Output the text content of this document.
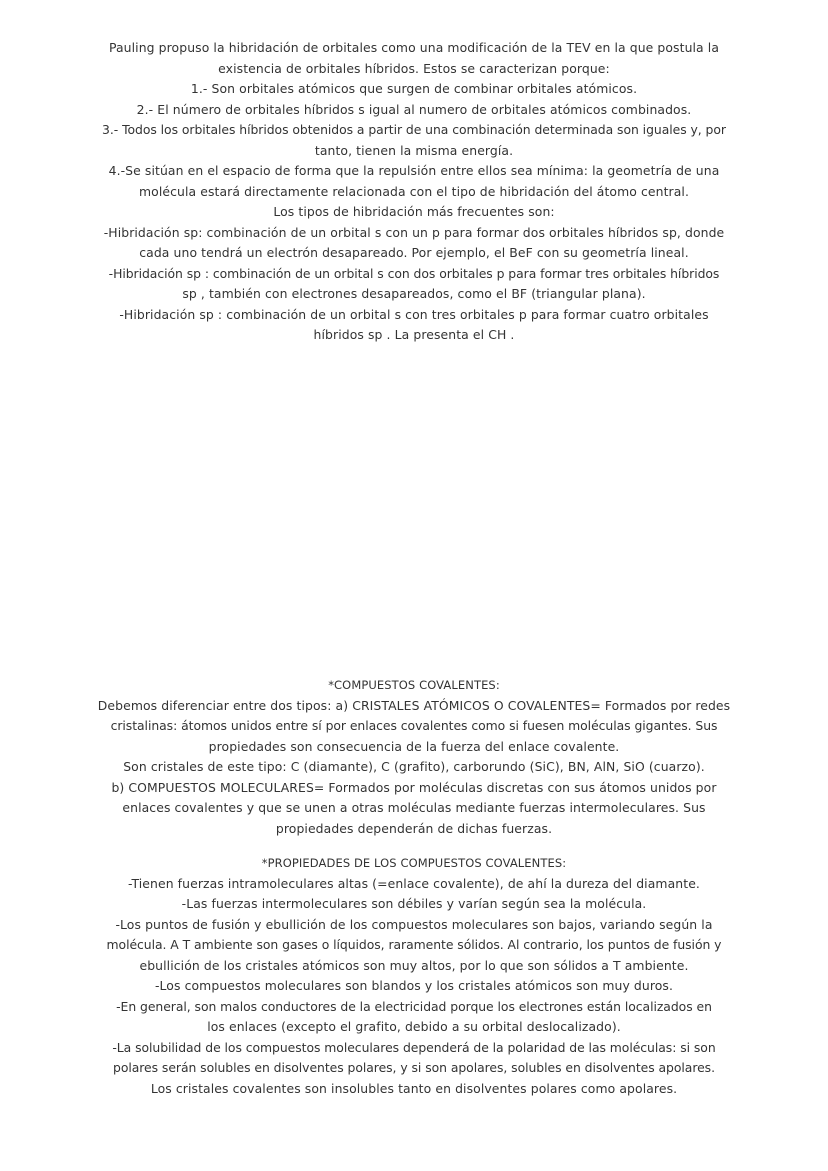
Pauling propuso la hibridación de orbitales como una modificación de la TEV en la que postula la
existencia de orbitales híbridos. Estos se caracterizan porque:
1.- Son orbitales atómicos que surgen de combinar orbitales atómicos.
2.- El número de orbitales híbridos s igual al numero de orbitales atómicos combinados.
3.- Todos los orbitales híbridos obtenidos a partir de una combinación determinada son iguales y, por
tanto, tienen la misma energía.
4.-Se sitúan en el espacio de forma que la repulsión entre ellos sea mínima: la geometría de una
molécula estará directamente relacionada con el tipo de hibridación del átomo central.
Los tipos de hibridación más frecuentes son:
-Hibridación sp: combinación de un orbital s con un p para formar dos orbitales híbridos sp, donde
cada uno tendrá un electrón desapareado. Por ejemplo, el BeF con su geometría lineal.
-Hibridación sp : combinación de un orbital s con dos orbitales p para formar tres orbitales híbridos
sp , también con electrones desapareados, como el BF (triangular plana).
-Hibridación sp : combinación de un orbital s con tres orbitales p para formar cuatro orbitales
híbridos sp . La presenta el CH .
*COMPUESTOS COVALENTES:
Debemos diferenciar entre dos tipos: a) CRISTALES ATÓMICOS O COVALENTES= Formados por redes
cristalinas: átomos unidos entre sí por enlaces covalentes como si fuesen moléculas gigantes. Sus
propiedades son consecuencia de la fuerza del enlace covalente.
Son cristales de este tipo: C (diamante), C (grafito), carborundo (SiC), BN, AlN, SiO (cuarzo).
b) COMPUESTOS MOLECULARES= Formados por moléculas discretas con sus átomos unidos por
enlaces covalentes y que se unen a otras moléculas mediante fuerzas intermoleculares. Sus
propiedades dependerán de dichas fuerzas.
*PROPIEDADES DE LOS COMPUESTOS COVALENTES:
-Tienen fuerzas intramoleculares altas (=enlace covalente), de ahí la dureza del diamante.
-Las fuerzas intermoleculares son débiles y varían según sea la molécula.
-Los puntos de fusión y ebullición de los compuestos moleculares son bajos, variando según la
molécula. A T ambiente son gases o líquidos, raramente sólidos. Al contrario, los puntos de fusión y
ebullición de los cristales atómicos son muy altos, por lo que son sólidos a T ambiente.
-Los compuestos moleculares son blandos y los cristales atómicos son muy duros.
-En general, son malos conductores de la electricidad porque los electrones están localizados en
los enlaces (excepto el grafito, debido a su orbital deslocalizado).
-La solubilidad de los compuestos moleculares dependerá de la polaridad de las moléculas: si son
polares serán solubles en disolventes polares, y si son apolares, solubles en disolventes apolares.
Los cristales covalentes son insolubles tanto en disolventes polares como apolares.
